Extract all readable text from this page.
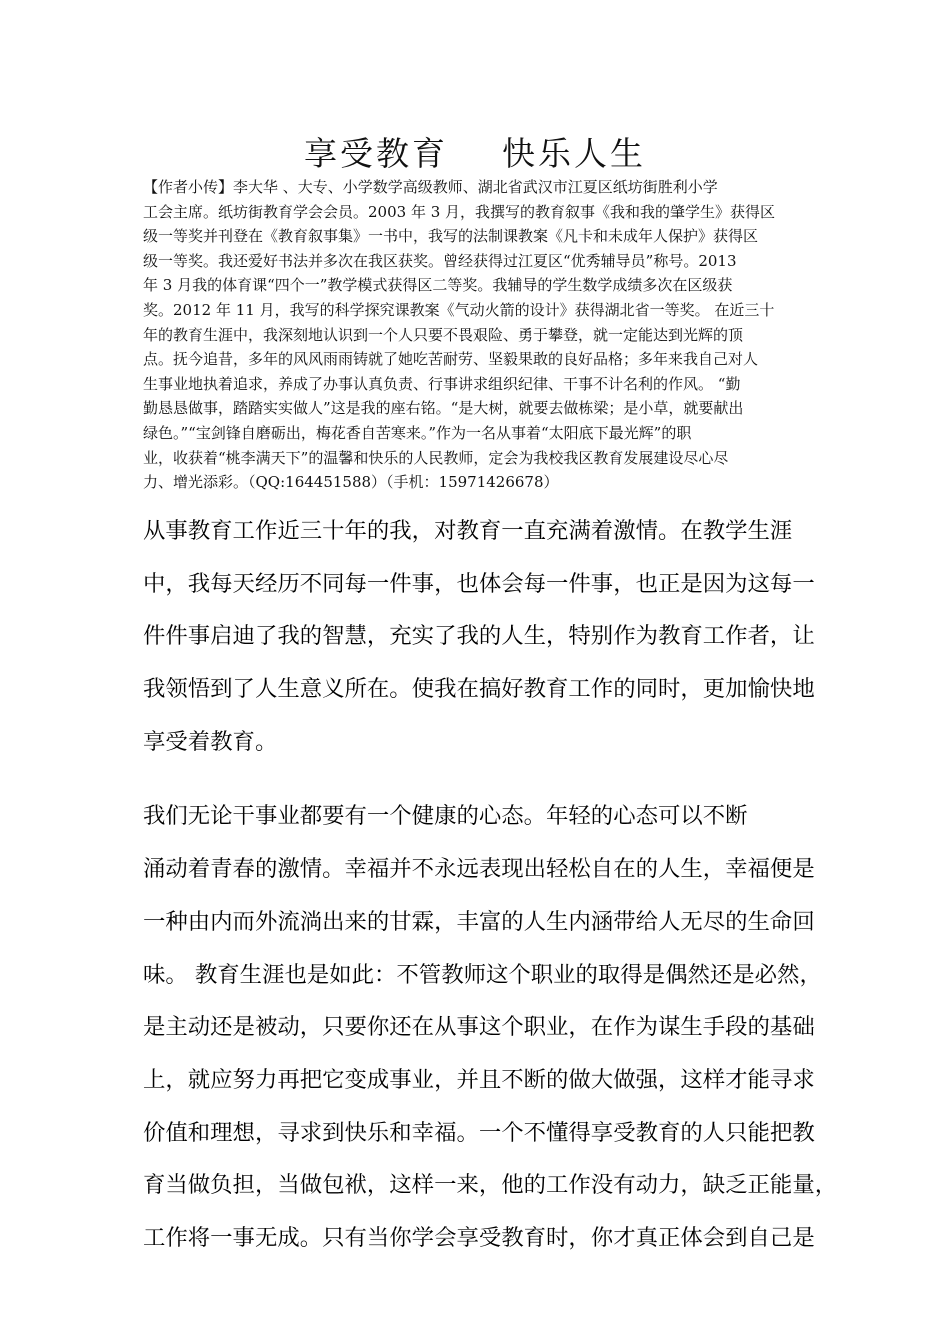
享受教育    快乐人生
【作者小传】李大华 、大专、小学数学高级教师、湖北省武汉市江夏区纸坊街胜利小学
工会主席。纸坊街教育学会会员。2003 年 3 月，我撰写的教育叙事《我和我的肇学生》获得区
级一等奖并刊登在《教育叙事集》一书中，我写的法制课教案《凡卡和未成年人保护》获得区
级一等奖。我还爱好书法并多次在我区获奖。曾经获得过江夏区“优秀辅导员”称号。2013
年 3 月我的体育课“四个一”教学模式获得区二等奖。我辅导的学生数学成绩多次在区级获
奖。2012 年 11 月，我写的科学探究课教案《气动火箭的设计》获得湖北省一等奖。 在近三十
年的教育生涯中，我深刻地认识到一个人只要不畏艰险、勇于攀登，就一定能达到光辉的顶
点。抚今追昔，多年的风风雨雨铸就了她吃苦耐劳、坚毅果敢的良好品格；多年来我自己对人
生事业地执着追求，养成了办事认真负责、行事讲求组织纪律、干事不计名利的作风。 “勤
勤恳恳做事，踏踏实实做人”这是我的座右铭。“是大树，就要去做栋梁；是小草，就要献出
绿色。”“宝剑锋自磨砺出，梅花香自苦寒来。”作为一名从事着“太阳底下最光辉”的职
业，收获着“桃李满天下”的温馨和快乐的人民教师，定会为我校我区教育发展建设尽心尽
力、增光添彩。（QQ:164451588）（手机：15971426678）
从事教育工作近三十年的我，对教育一直充满着激情。在教学生涯
中，我每天经历不同每一件事，也体会每一件事，也正是因为这每一
件件事启迪了我的智慧，充实了我的人生，特别作为教育工作者，让
我领悟到了人生意义所在。使我在搞好教育工作的同时，更加愉快地
享受着教育。
我们无论干事业都要有一个健康的心态。年轻的心态可以不断
涌动着青春的激情。幸福并不永远表现出轻松自在的人生，幸福便是
一种由内而外流淌出来的甘霖，丰富的人生内涵带给人无尽的生命回
味。 教育生涯也是如此：不管教师这个职业的取得是偶然还是必然，
是主动还是被动，只要你还在从事这个职业，在作为谋生手段的基础
上，就应努力再把它变成事业，并且不断的做大做强，这样才能寻求
价值和理想，寻求到快乐和幸福。一个不懂得享受教育的人只能把教
育当做负担，当做包袱，这样一来，他的工作没有动力，缺乏正能量，
工作将一事无成。只有当你学会享受教育时，你才真正体会到自己是
